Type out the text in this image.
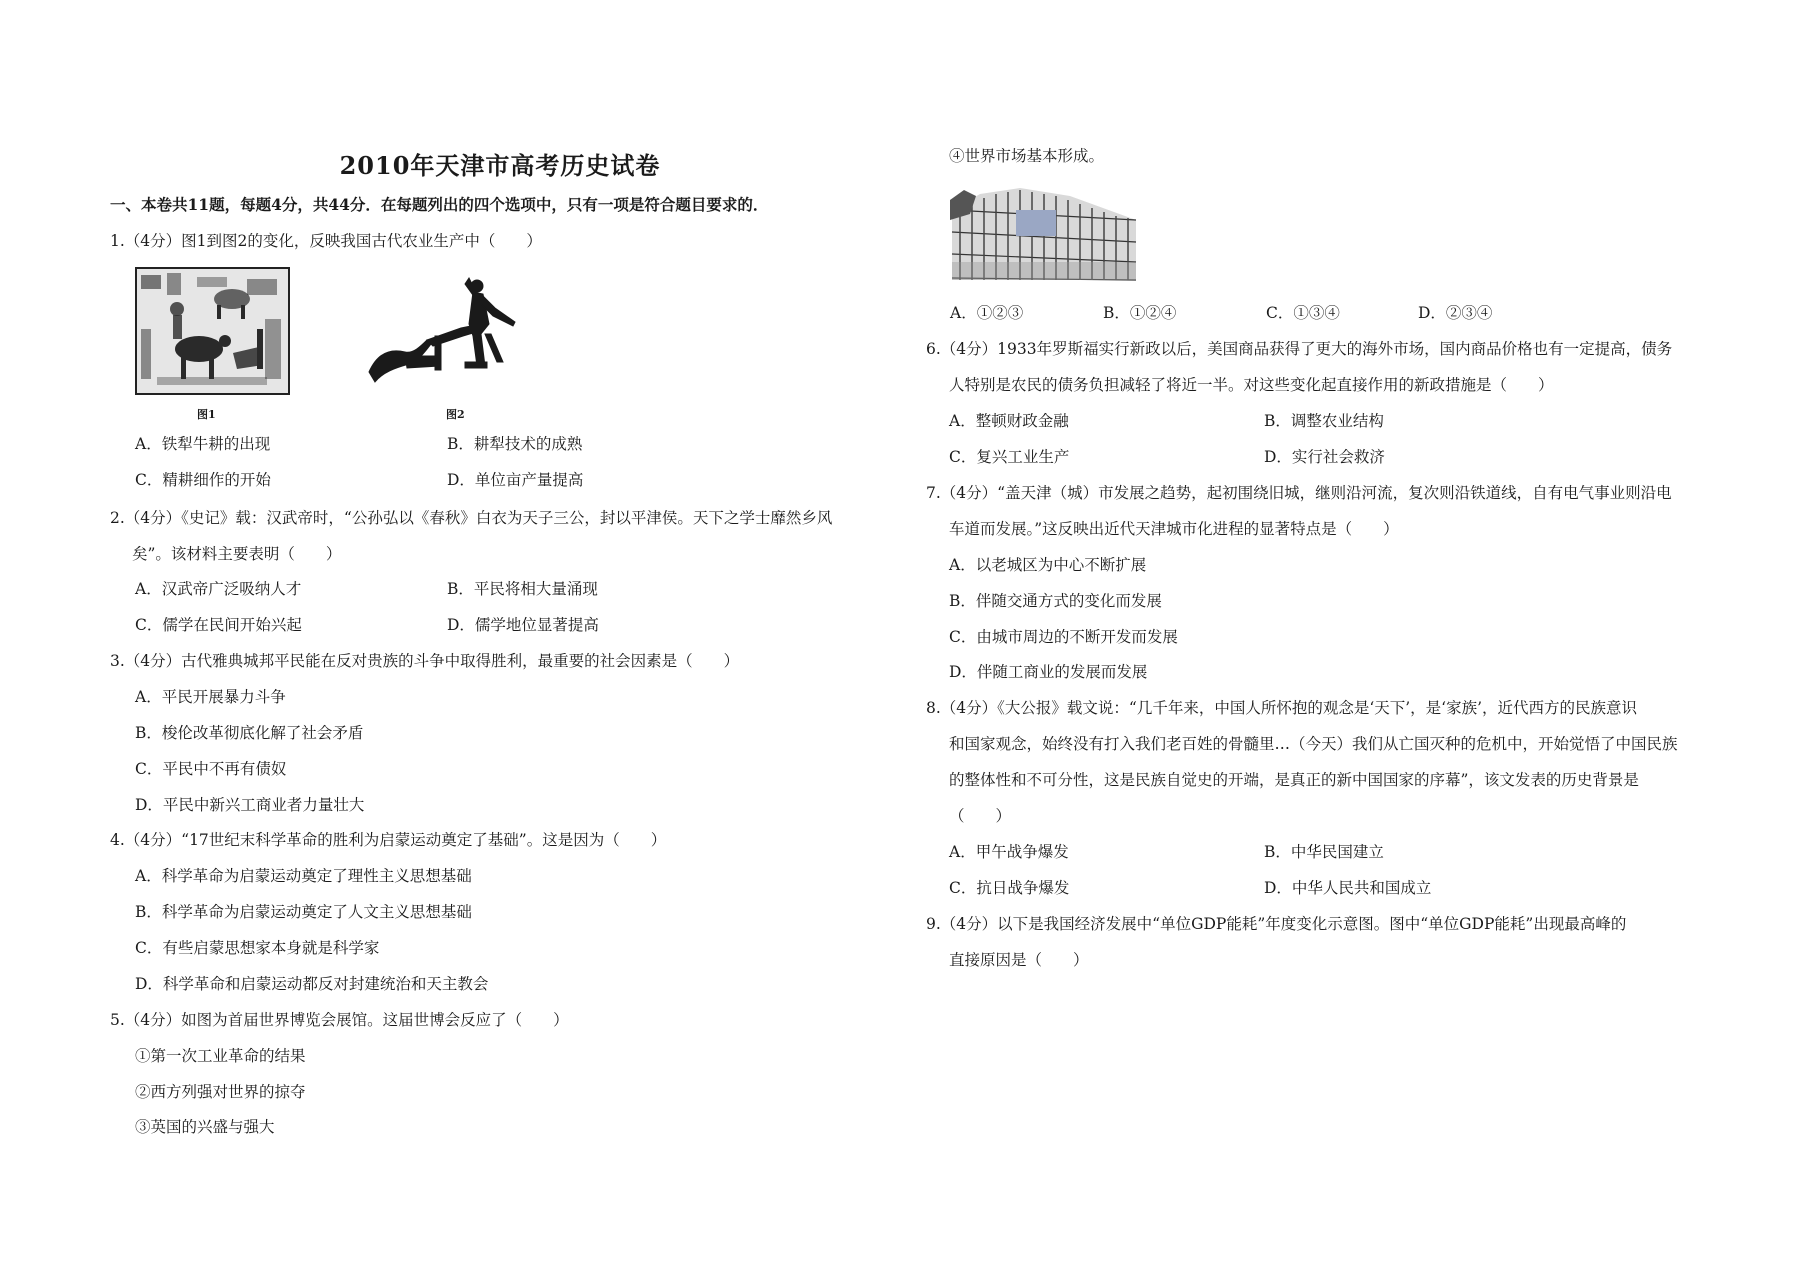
2010年天津市高考历史试卷
一、本卷共11题，每题4分，共44分．在每题列出的四个选项中，只有一项是符合题目要求的．
1.（4分）图1到图2的变化，反映我国古代农业生产中（　　）
图1	图2
A．铁犁牛耕的出现	B．耕犁技术的成熟
C．精耕细作的开始	D．单位亩产量提高
2.（4分）《史记》载：汉武帝时，“公孙弘以《春秋》白衣为天子三公，封以平津侯。天下之学士靡然乡风
矣”。该材料主要表明（　　）
A．汉武帝广泛吸纳人才	B．平民将相大量涌现
C．儒学在民间开始兴起	D．儒学地位显著提高
3.（4分）古代雅典城邦平民能在反对贵族的斗争中取得胜利，最重要的社会因素是（　　）
A．平民开展暴力斗争
B．梭伦改革彻底化解了社会矛盾
C．平民中不再有债奴
D．平民中新兴工商业者力量壮大
4.（4分）“17世纪末科学革命的胜利为启蒙运动奠定了基础”。这是因为（　　）
A．科学革命为启蒙运动奠定了理性主义思想基础
B．科学革命为启蒙运动奠定了人文主义思想基础
C．有些启蒙思想家本身就是科学家
D．科学革命和启蒙运动都反对封建统治和天主教会
5.（4分）如图为首届世界博览会展馆。这届世博会反应了（　　）
①第一次工业革命的结果
②西方列强对世界的掠夺
③英国的兴盛与强大
④世界市场基本形成。
A．①②③	B．①②④	C．①③④	D．②③④
6.（4分）1933年罗斯福实行新政以后，美国商品获得了更大的海外市场，国内商品价格也有一定提高，债务
人特别是农民的债务负担减轻了将近一半。对这些变化起直接作用的新政措施是（　　）
A．整顿财政金融	B．调整农业结构
C．复兴工业生产	D．实行社会救济
7.（4分）“盖天津（城）市发展之趋势，起初围绕旧城，继则沿河流，复次则沿铁道线，自有电气事业则沿电
车道而发展。”这反映出近代天津城市化进程的显著特点是（　　）
A．以老城区为中心不断扩展
B．伴随交通方式的变化而发展
C．由城市周边的不断开发而发展
D．伴随工商业的发展而发展
8.（4分）《大公报》载文说：“几千年来，中国人所怀抱的观念是‘天下’，是‘家族’，近代西方的民族意识
和国家观念，始终没有打入我们老百姓的骨髓里…（今天）我们从亡国灭种的危机中，开始觉悟了中国民族
的整体性和不可分性，这是民族自觉史的开端，是真正的新中国国家的序幕”，该文发表的历史背景是
（　　）
A．甲午战争爆发	B．中华民国建立
C．抗日战争爆发	D．中华人民共和国成立
9.（4分）以下是我国经济发展中“单位GDP能耗”年度变化示意图。图中“单位GDP能耗”出现最高峰的
直接原因是（　　）
